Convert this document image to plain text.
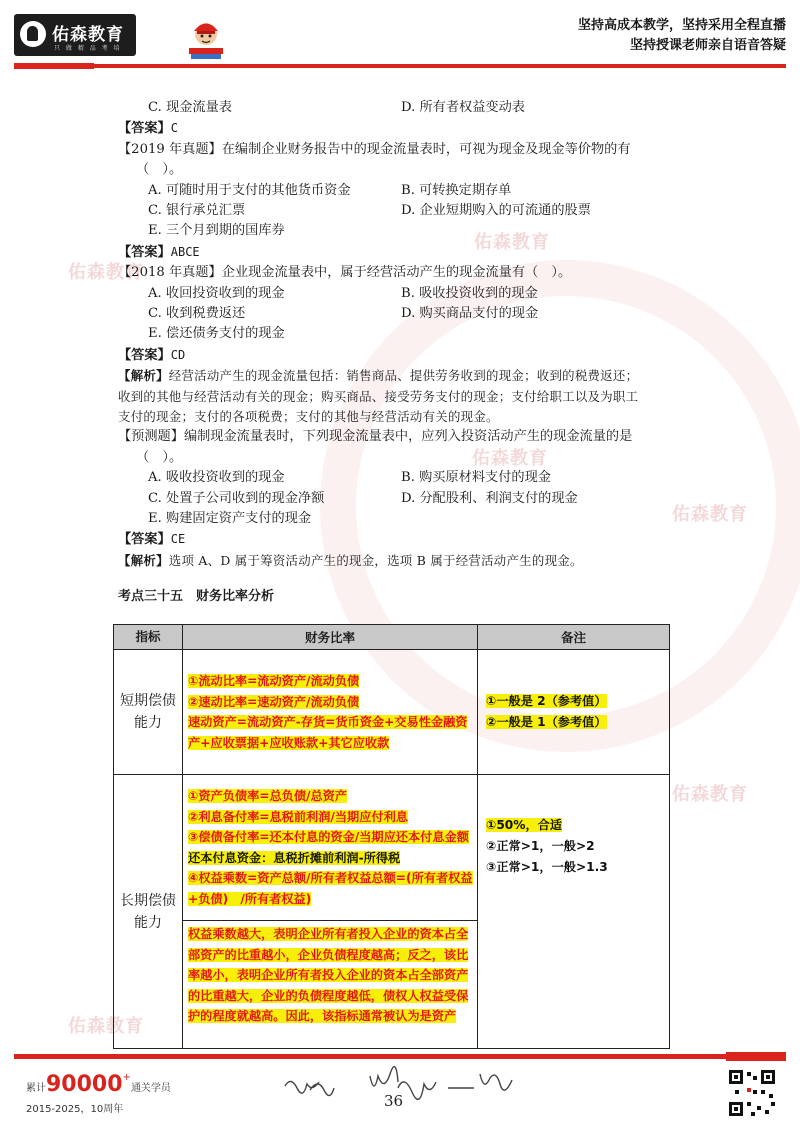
佑森教育
只 做 精 品 考 培
坚持高成本教学，坚持采用全程直播
坚持授课老师亲自语音答疑
佑森教育
佑森教育
佑森教育
佑森教育
佑森教育
佑森教育
C. 现金流量表	D. 所有者权益变动表

【答案】C

【2019 年真题】在编制企业财务报告中的现金流量表时，可视为现金及现金等价物的有

（　）。

A. 可随时用于支付的其他货币资金	B. 可转换定期存单
C. 银行承兑汇票	D. 企业短期购入的可流通的股票

E. 三个月到期的国库券

【答案】ABCE

【2018 年真题】企业现金流量表中，属于经营活动产生的现金流量有（　）。

A. 收回投资收到的现金	B. 吸收投资收到的现金
C. 收到税费返还	D. 购买商品支付的现金

E. 偿还债务支付的现金

【答案】CD

【解析】经营活动产生的现金流量包括：销售商品、提供劳务收到的现金；收到的税费返还；

收到的其他与经营活动有关的现金；购买商品、接受劳务支付的现金；支付给职工以及为职工

支付的现金；支付的各项税费；支付的其他与经营活动有关的现金。

【预测题】编制现金流量表时，下列现金流量表中，应列入投资活动产生的现金流量的是

（　）。

A. 吸收投资收到的现金	B. 购买原材料支付的现金
C. 处置子公司收到的现金净额	D. 分配股利、利润支付的现金

E. 购建固定资产支付的现金

【答案】CE

【解析】选项 A、D 属于筹资活动产生的现金，选项 B 属于经营活动产生的现金。

考点三十五　财务比率分析

指标	财务比率	备注
短期偿债能力	①流动比率=流动资产/流动负债
②速动比率=速动资产/流动负债
速动资产=流动资产-存货=货币资金+交易性金融资产+应收票据+应收账款+其它应收款	①一般是 2（参考值）
②一般是 1（参考值）
长期偿债能力	①资产负债率=总负债/总资产
②利息备付率=息税前利润/当期应付利息
③偿债备付率=还本付息的资金/当期应还本付息金额
还本付息资金：息税折摊前利润-所得税
④权益乘数=资产总额/所有者权益总额=(所有者权益+负债)　/所有者权益)	①50%，合适
②正常>1，一般>2
③正常>1，一般>1.3
	权益乘数越大，表明企业所有者投入企业的资本占全部资产的比重越小，企业负债程度越高；反之，该比率越小，表明企业所有者投入企业的资本占全部资产的比重越大，企业的负债程度越低，债权人权益受保护的程度就越高。因此，该指标通常被认为是资产	
累计90000+通关学员
2015-2025，10周年	36
